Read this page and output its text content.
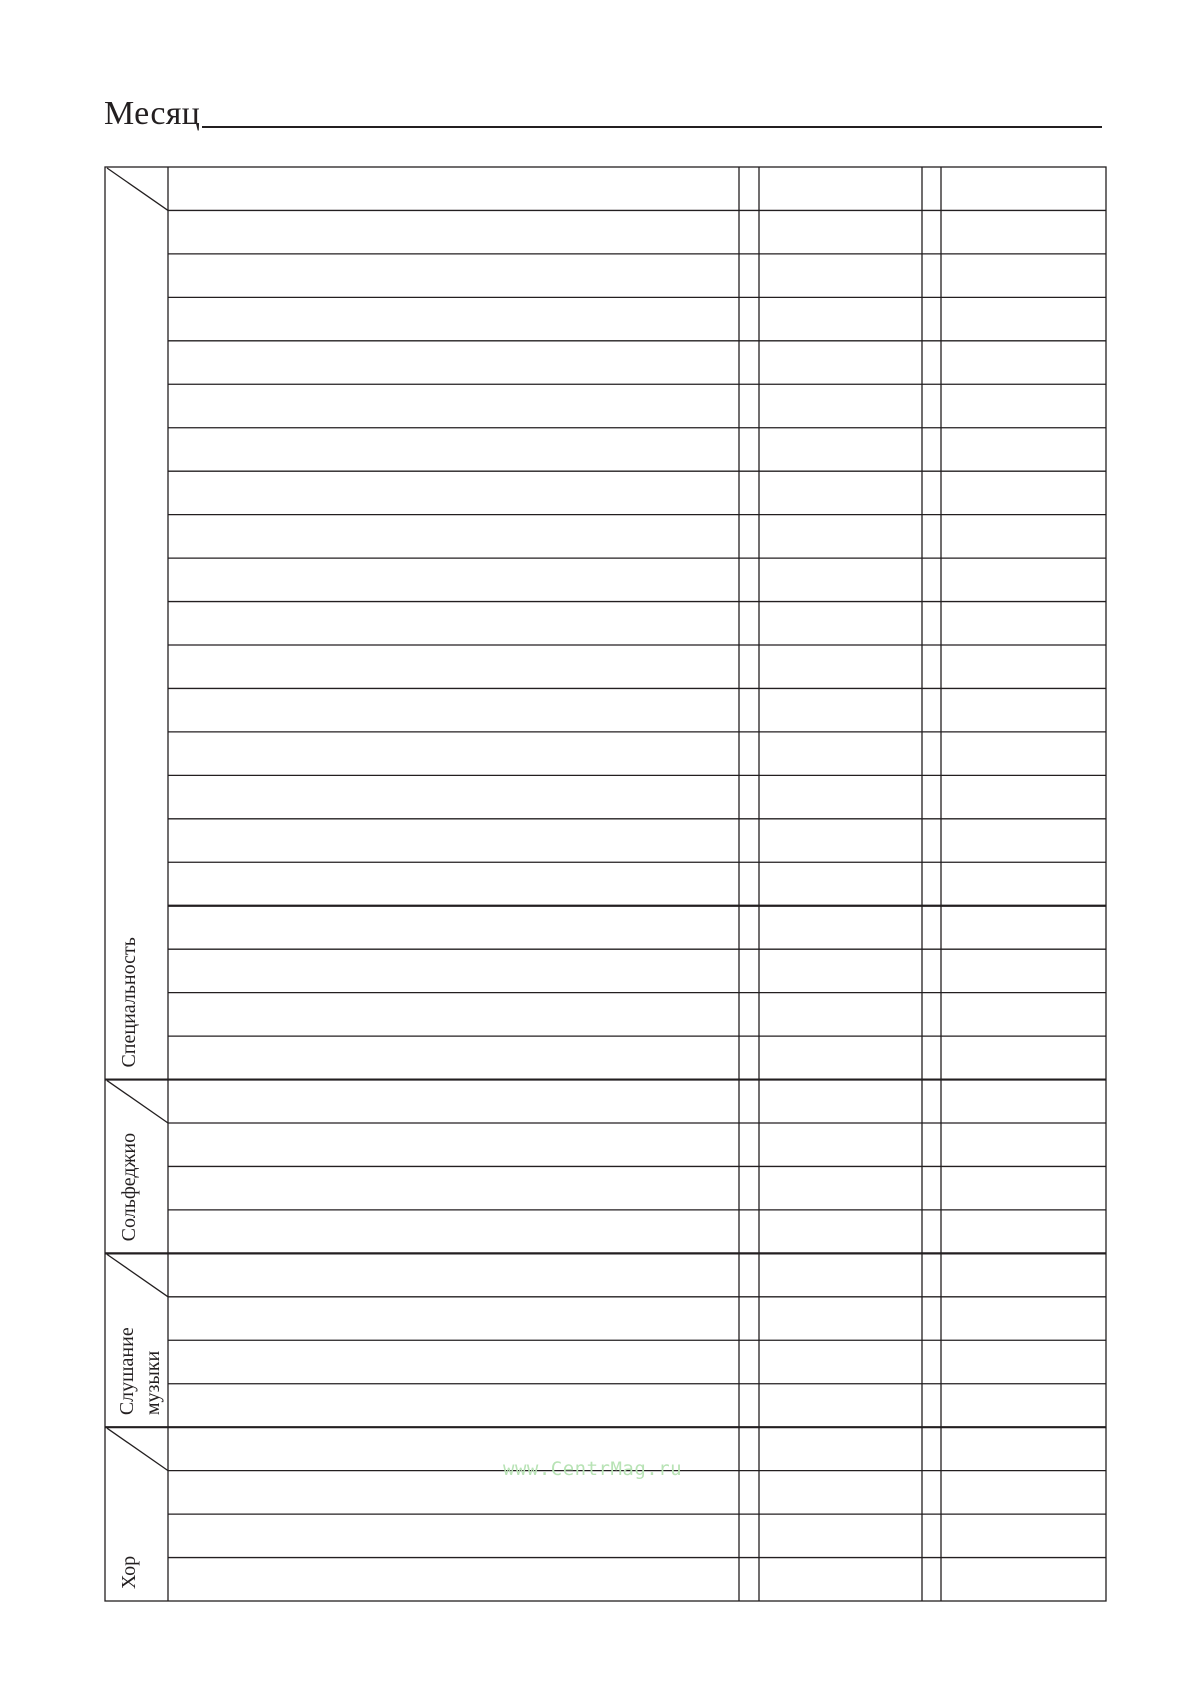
Месяц
Специальность
Сольфеджио
Слушание музыки
Хор
www.CentrMag.ru
